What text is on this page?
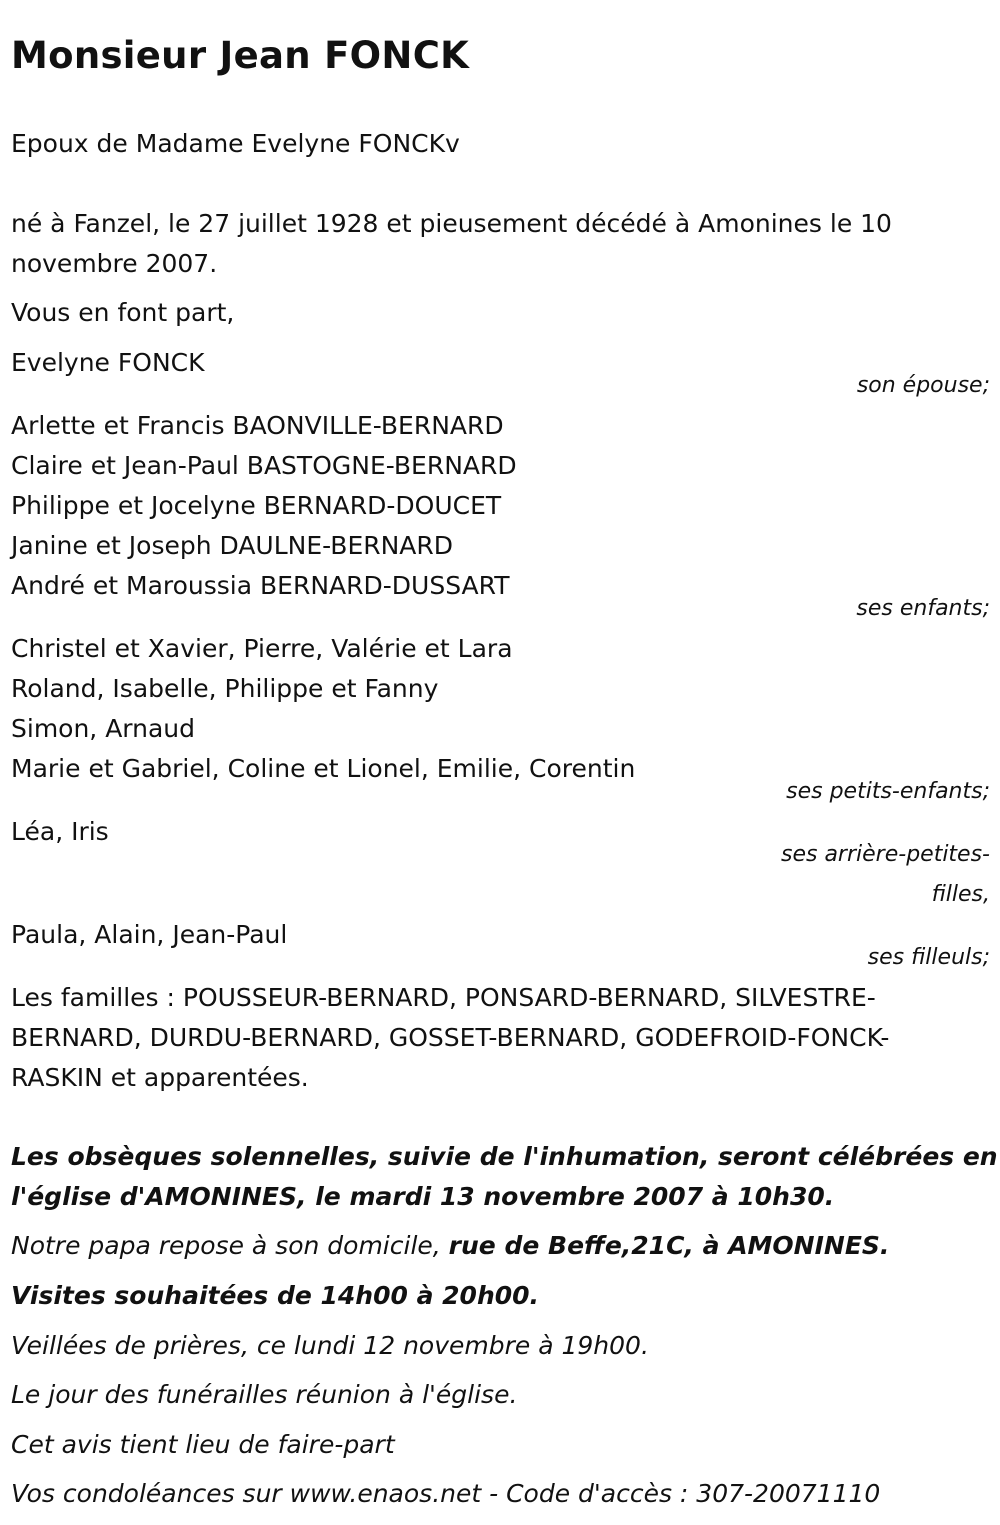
Monsieur Jean FONCK

Epoux de Madame Evelyne FONCKv

né à Fanzel, le 27 juillet 1928 et pieusement décédé à Amonines le 10

novembre 2007.

Vous en font part,

Evelyne FONCK

son épouse;

Arlette et Francis BAONVILLE-BERNARD

Claire et Jean-Paul BASTOGNE-BERNARD

Philippe et Jocelyne BERNARD-DOUCET

Janine et Joseph DAULNE-BERNARD

André et Maroussia BERNARD-DUSSART

ses enfants;

Christel et Xavier, Pierre, Valérie et Lara

Roland, Isabelle, Philippe et Fanny

Simon, Arnaud

Marie et Gabriel, Coline et Lionel, Emilie, Corentin

ses petits-enfants;

Léa, Iris

ses arrière-petites-

filles,

Paula, Alain, Jean-Paul

ses filleuls;

Les familles : POUSSEUR-BERNARD, PONSARD-BERNARD, SILVESTRE-

BERNARD, DURDU-BERNARD, GOSSET-BERNARD, GODEFROID-FONCK-

RASKIN et apparentées.

Les obsèques solennelles, suivie de l'inhumation, seront célébrées en

l'église d'AMONINES, le mardi 13 novembre 2007 à 10h30.

Notre papa repose à son domicile, rue de Beffe,21C, à AMONINES.

Visites souhaitées de 14h00 à 20h00.

Veillées de prières, ce lundi 12 novembre à 19h00.

Le jour des funérailles réunion à l'église.

Cet avis tient lieu de faire-part

Vos condoléances sur www.enaos.net - Code d'accès : 307-20071110
